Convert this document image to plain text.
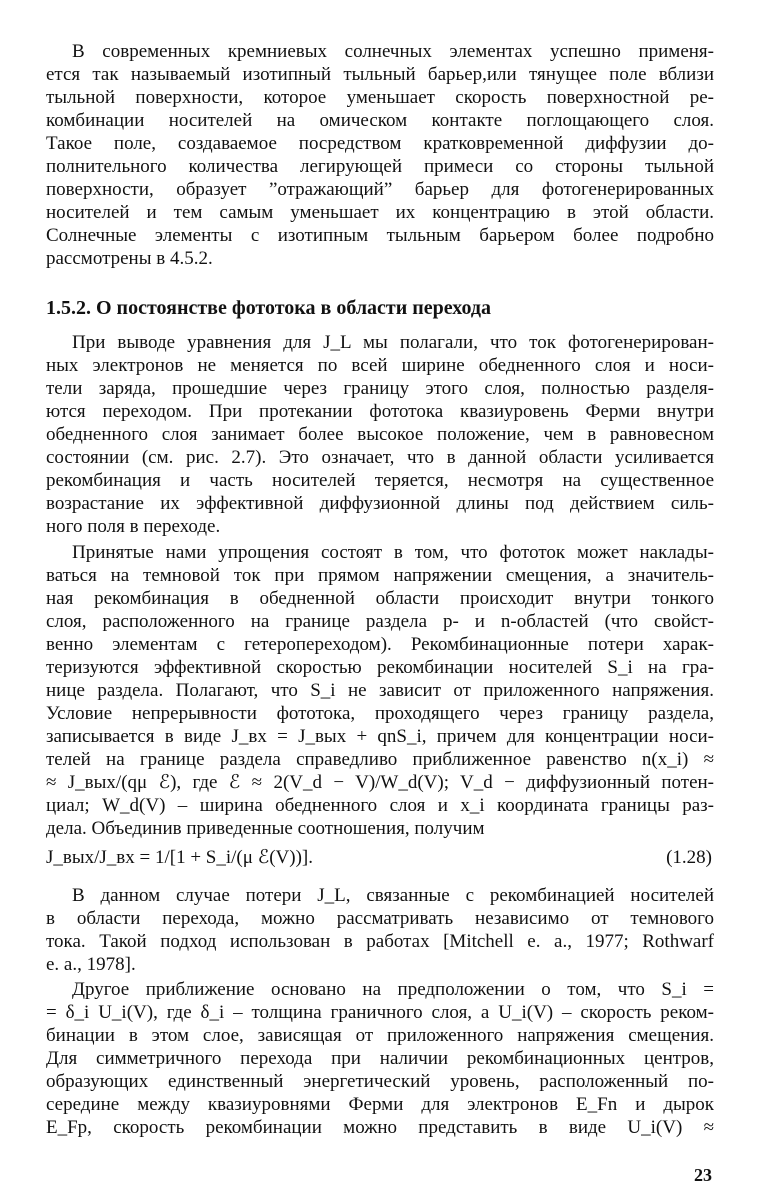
В современных кремниевых солнечных элементах успешно применя-
ется так называемый изотипный тыльный барьер,или тянущее поле вблизи
тыльной поверхности, которое уменьшает скорость поверхностной ре-
комбинации носителей на омическом контакте поглощающего слоя.
Такое поле, создаваемое посредством кратковременной диффузии до-
полнительного количества легирующей примеси со стороны тыльной
поверхности, образует ”отражающий” барьер для фотогенерированных
носителей и тем самым уменьшает их концентрацию в этой области.
Солнечные элементы с изотипным тыльным барьером более подробно
рассмотрены в 4.5.2.
1.5.2. О постоянстве фототока в области перехода
При выводе уравнения для J_L мы полагали, что ток фотогенерирован-
ных электронов не меняется по всей ширине обедненного слоя и носи-
тели заряда, прошедшие через границу этого слоя, полностью разделя-
ются переходом. При протекании фототока квазиуровень Ферми внутри
обедненного слоя занимает более высокое положение, чем в равновесном
состоянии (см. рис. 2.7). Это означает, что в данной области усиливается
рекомбинация и часть носителей теряется, несмотря на существенное
возрастание их эффективной диффузионной длины под действием силь-
ного поля в переходе.
Принятые нами упрощения состоят в том, что фототок может наклады-
ваться на темновой ток при прямом напряжении смещения, а значитель-
ная рекомбинация в обедненной области происходит внутри тонкого
слоя, расположенного на границе раздела p- и n-областей (что свойст-
венно элементам с гетеропереходом). Рекомбинационные потери харак-
теризуются эффективной скоростью рекомбинации носителей S_i на гра-
нице раздела. Полагают, что S_i не зависит от приложенного напряжения.
Условие непрерывности фототока, проходящего через границу раздела,
записывается в виде J_вх = J_вых + qnS_i, причем для концентрации носи-
телей на границе раздела справедливо приближенное равенство n(x_i) ≈
≈ J_вых/(qμ ℰ), где ℰ ≈ 2(V_d − V)/W_d(V); V_d − диффузионный потен-
циал; W_d(V) – ширина обедненного слоя и x_i координата границы раз-
дела. Объединив приведенные соотношения, получим
J_вых/J_вх = 1/[1 + S_i/(μ ℰ(V))].	(1.28)
В данном случае потери J_L, связанные с рекомбинацией носителей
в области перехода, можно рассматривать независимо от темнового
тока. Такой подход использован в работах [Mitchell e. a., 1977; Rothwarf
e. a., 1978].
Другое приближение основано на предположении о том, что S_i =
= δ_i U_i(V), где δ_i – толщина граничного слоя, а U_i(V) – скорость реком-
бинации в этом слое, зависящая от приложенного напряжения смещения.
Для симметричного перехода при наличии рекомбинационных центров,
образующих единственный энергетический уровень, расположенный по-
середине между квазиуровнями Ферми для электронов E_Fn и дырок
E_Fp, скорость рекомбинации можно представить в виде U_i(V) ≈
23
